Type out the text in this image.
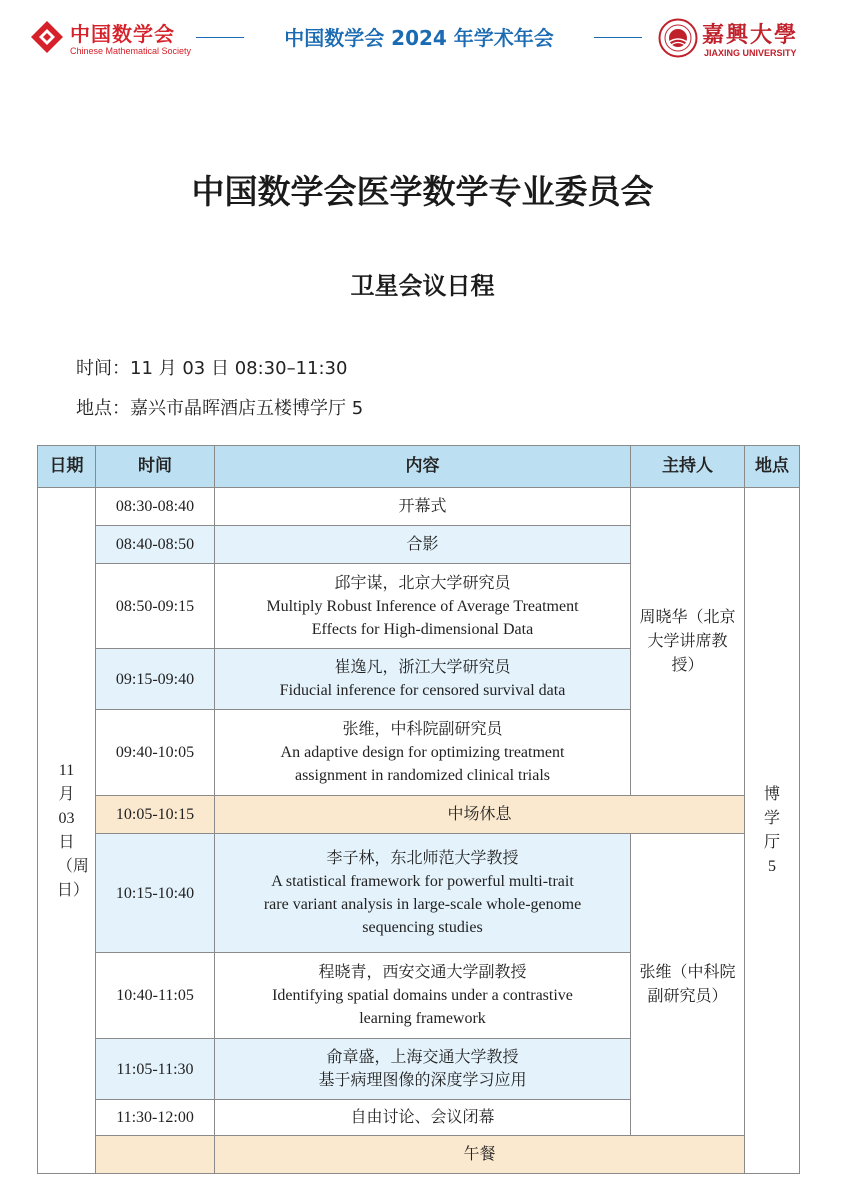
中国数学会
Chinese Mathematical Society
中国数学会 2024 年学术年会	嘉興大學
JIAXING UNIVERSITY
中国数学会医学数学专业委员会
卫星会议日程
时间：11 月 03 日 08:30–11:30
地点：嘉兴市晶晖酒店五楼博学厅 5
日期	时间	内容	主持人	地点
11月03日（周日）	08:30-08:40	开幕式	周晓华（北京大学讲席教授）	博学厅5
	08:40-08:50	合影		

	08:50-09:15	邱宇谋，北京大学研究员
Multiply Robust Inference of Average Treatment
Effects for High-dimensional Data		

	09:15-09:40	崔逸凡，浙江大学研究员
Fiducial inference for censored survival data		

	09:40-10:05	张维，中科院副研究员
An adaptive design for optimizing treatment
assignment in randomized clinical trials		

	10:05-10:15	中场休息		

	10:15-10:40	李子林，东北师范大学教授
A statistical framework for powerful multi-trait
rare variant analysis in large-scale whole-genome
sequencing studies	张维（中科院副研究员）	

	10:40-11:05	程晓青，西安交通大学副教授
Identifying spatial domains under a contrastive
learning framework		

	11:05-11:30	俞章盛，上海交通大学教授
基于病理图像的深度学习应用		

	11:30-12:00	自由讨论、会议闭幕		

		午餐		
